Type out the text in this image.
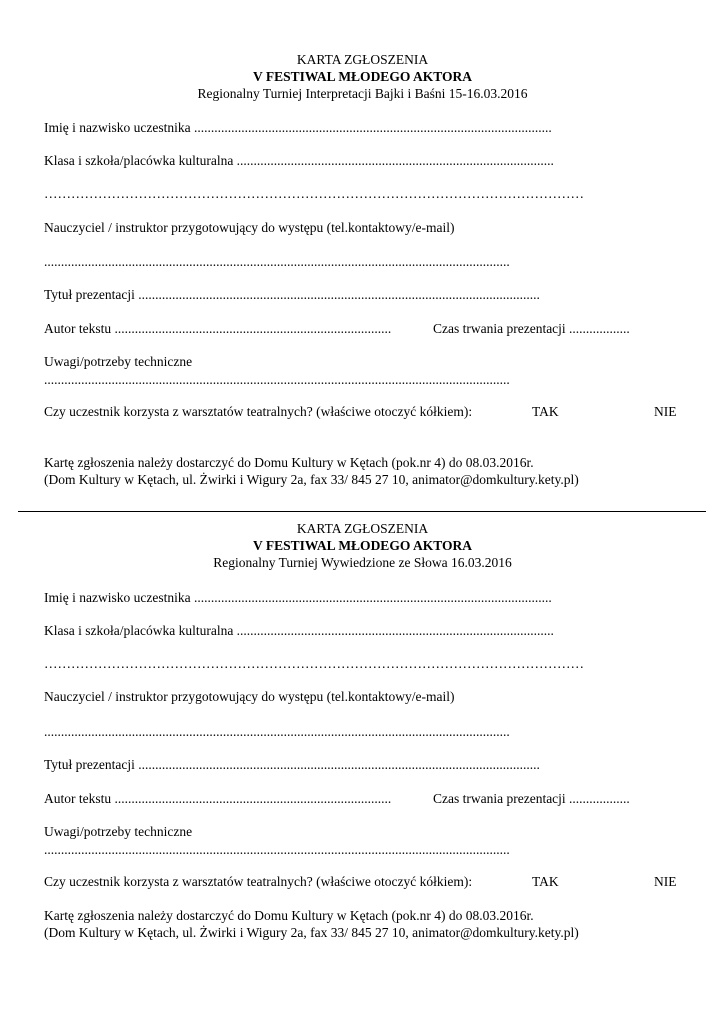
KARTA ZGŁOSZENIA
V FESTIWAL MŁODEGO AKTORA
Regionalny Turniej Interpretacji Bajki i Baśni 15-16.03.2016
Imię i nazwisko uczestnika ..........................................................................................................
Klasa i szkoła/placówka kulturalna ..............................................................................................
…………………………………………………………………………………………………………
Nauczyciel / instruktor przygotowujący do występu (tel.kontaktowy/e-mail)
..........................................................................................................................................
Tytuł prezentacji .......................................................................................................................
Autor tekstu ..................................................................................	Czas trwania prezentacji ..................
Uwagi/potrzeby techniczne
..........................................................................................................................................
Czy uczestnik korzysta z warsztatów teatralnych? (właściwe otoczyć kółkiem):	TAK	NIE
Kartę zgłoszenia należy dostarczyć do Domu Kultury w Kętach (pok.nr 4) do 08.03.2016r.
(Dom Kultury w Kętach, ul. Żwirki i Wigury 2a, fax 33/ 845 27 10, animator@domkultury.kety.pl)
KARTA ZGŁOSZENIA
V FESTIWAL MŁODEGO AKTORA
Regionalny Turniej Wywiedzione ze Słowa 16.03.2016
Imię i nazwisko uczestnika ..........................................................................................................
Klasa i szkoła/placówka kulturalna ..............................................................................................
…………………………………………………………………………………………………………
Nauczyciel / instruktor przygotowujący do występu (tel.kontaktowy/e-mail)
..........................................................................................................................................
Tytuł prezentacji .......................................................................................................................
Autor tekstu ..................................................................................	Czas trwania prezentacji ..................
Uwagi/potrzeby techniczne
..........................................................................................................................................
Czy uczestnik korzysta z warsztatów teatralnych? (właściwe otoczyć kółkiem):	TAK	NIE
Kartę zgłoszenia należy dostarczyć do Domu Kultury w Kętach (pok.nr 4) do 08.03.2016r.
(Dom Kultury w Kętach, ul. Żwirki i Wigury 2a, fax 33/ 845 27 10, animator@domkultury.kety.pl)
